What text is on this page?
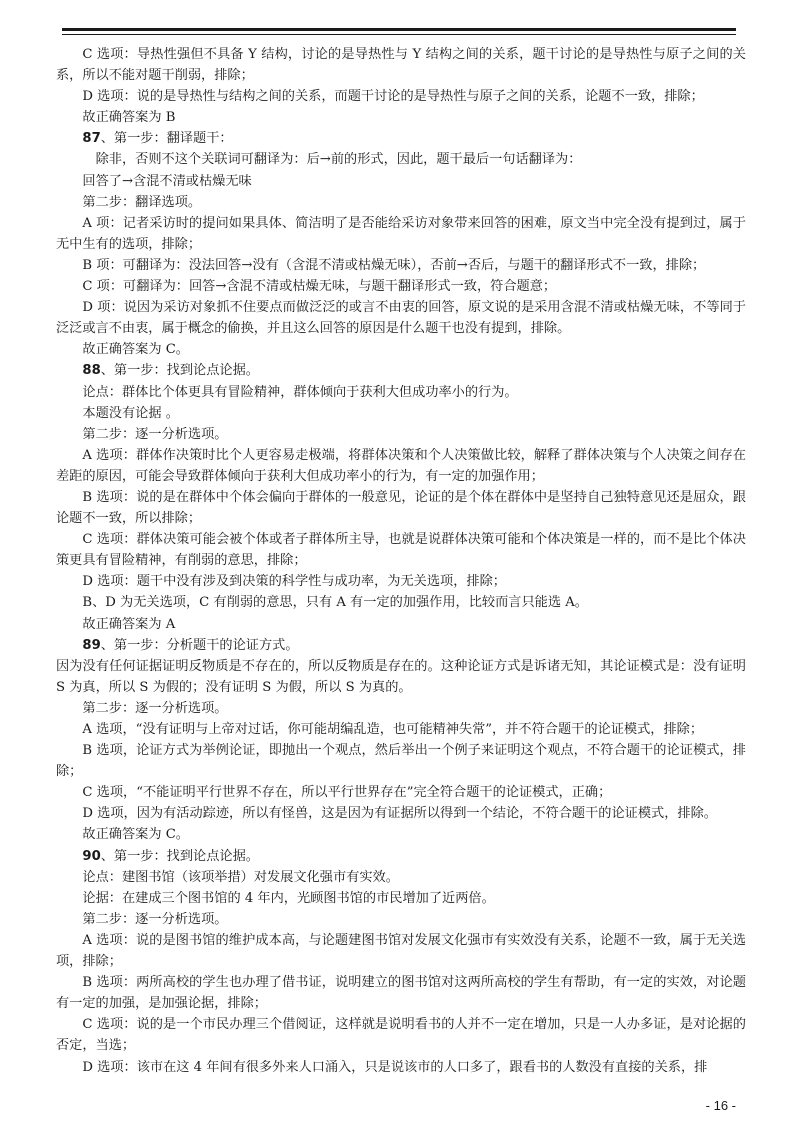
C 选项：导热性强但不具备 Y 结构，讨论的是导热性与 Y 结构之间的关系，题干讨论的是导热性与原子之间的关系，所以不能对题干削弱，排除；

D 选项：说的是导热性与结构之间的关系，而题干讨论的是导热性与原子之间的关系，论题不一致，排除；

故正确答案为 B

87、第一步：翻译题干：

除非，否则不这个关联词可翻译为：后→前的形式，因此，题干最后一句话翻译为：

回答了→含混不清或枯燥无味

第二步：翻译选项。

A 项：记者采访时的提问如果具体、简洁明了是否能给采访对象带来回答的困难，原文当中完全没有提到过，属于无中生有的选项，排除；

B 项：可翻译为：没法回答→没有（含混不清或枯燥无味），否前→否后，与题干的翻译形式不一致，排除；

C 项：可翻译为：回答→含混不清或枯燥无味，与题干翻译形式一致，符合题意；

D 项：说因为采访对象抓不住要点而做泛泛的或言不由衷的回答，原文说的是采用含混不清或枯燥无味，不等同于泛泛或言不由衷，属于概念的偷换，并且这么回答的原因是什么题干也没有提到，排除。

故正确答案为 C。

88、第一步：找到论点论据。

论点：群体比个体更具有冒险精神，群体倾向于获利大但成功率小的行为。

本题没有论据 。

第二步：逐一分析选项。

A 选项：群体作决策时比个人更容易走极端，将群体决策和个人决策做比较，解释了群体决策与个人决策之间存在差距的原因，可能会导致群体倾向于获利大但成功率小的行为，有一定的加强作用；

B 选项：说的是在群体中个体会偏向于群体的一般意见，论证的是个体在群体中是坚持自己独特意见还是屈众，跟论题不一致，所以排除；

C 选项：群体决策可能会被个体或者子群体所主导，也就是说群体决策可能和个体决策是一样的，而不是比个体决策更具有冒险精神，有削弱的意思，排除；

D 选项：题干中没有涉及到决策的科学性与成功率，为无关选项，排除；

B、D 为无关选项，C 有削弱的意思，只有 A 有一定的加强作用，比较而言只能选 A。

故正确答案为 A

89、第一步：分析题干的论证方式。

因为没有任何证据证明反物质是不存在的，所以反物质是存在的。这种论证方式是诉诸无知，其论证模式是：没有证明 S 为真，所以 S 为假的；没有证明 S 为假，所以 S 为真的。

第二步：逐一分析选项。

A 选项，“没有证明与上帝对过话，你可能胡编乱造，也可能精神失常”，并不符合题干的论证模式，排除；

B 选项，论证方式为举例论证，即抛出一个观点，然后举出一个例子来证明这个观点，不符合题干的论证模式，排除；

C 选项，“不能证明平行世界不存在，所以平行世界存在”完全符合题干的论证模式，正确；

D 选项，因为有活动踪迹，所以有怪兽，这是因为有证据所以得到一个结论，不符合题干的论证模式，排除。

故正确答案为 C。

90、第一步：找到论点论据。

论点：建图书馆（该项举措）对发展文化强市有实效。

论据：在建成三个图书馆的 4 年内，光顾图书馆的市民增加了近两倍。

第二步：逐一分析选项。

A 选项：说的是图书馆的维护成本高，与论题建图书馆对发展文化强市有实效没有关系，论题不一致，属于无关选项，排除；

B 选项：两所高校的学生也办理了借书证，说明建立的图书馆对这两所高校的学生有帮助，有一定的实效，对论题有一定的加强，是加强论据，排除；

C 选项：说的是一个市民办理三个借阅证，这样就是说明看书的人并不一定在增加，只是一人办多证，是对论据的否定，当选；

D 选项：该市在这 4 年间有很多外来人口涌入，只是说该市的人口多了，跟看书的人数没有直接的关系，排

- 16 -
